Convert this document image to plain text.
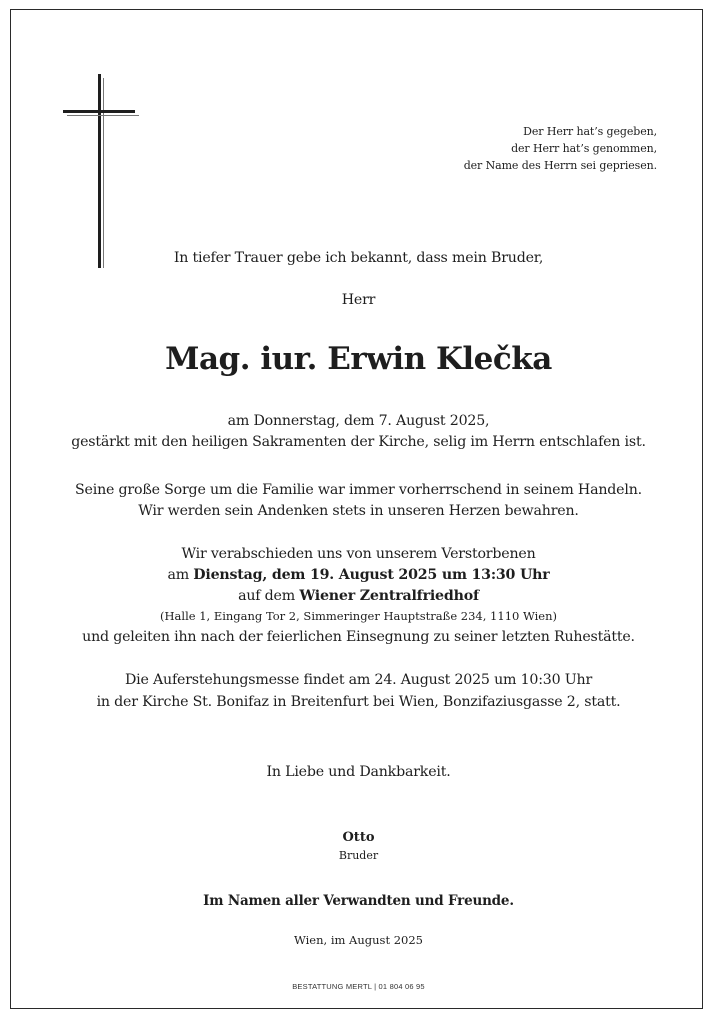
Der Herr hat’s gegeben,
der Herr hat’s genommen,
der Name des Herrn sei gepriesen.
In tiefer Trauer gebe ich bekannt, dass mein Bruder,
Herr
Mag. iur. Erwin Klečka
am Donnerstag, dem 7. August 2025,
gestärkt mit den heiligen Sakramenten der Kirche, selig im Herrn entschlafen ist.
Seine große Sorge um die Familie war immer vorherrschend in seinem Handeln.
Wir werden sein Andenken stets in unseren Herzen bewahren.
Wir verabschieden uns von unserem Verstorbenen
am Dienstag, dem 19. August 2025 um 13:30 Uhr
auf dem Wiener Zentralfriedhof
(Halle 1, Eingang Tor 2, Simmeringer Hauptstraße 234, 1110 Wien)
und geleiten ihn nach der feierlichen Einsegnung zu seiner letzten Ruhestätte.
Die Auferstehungsmesse findet am 24. August 2025 um 10:30 Uhr
in der Kirche St. Bonifaz in Breitenfurt bei Wien, Bonzifaziusgasse 2, statt.
In Liebe und Dankbarkeit.
Otto
Bruder
Im Namen aller Verwandten und Freunde.
Wien, im August 2025
BESTATTUNG MERTL | 01 804 06 95
